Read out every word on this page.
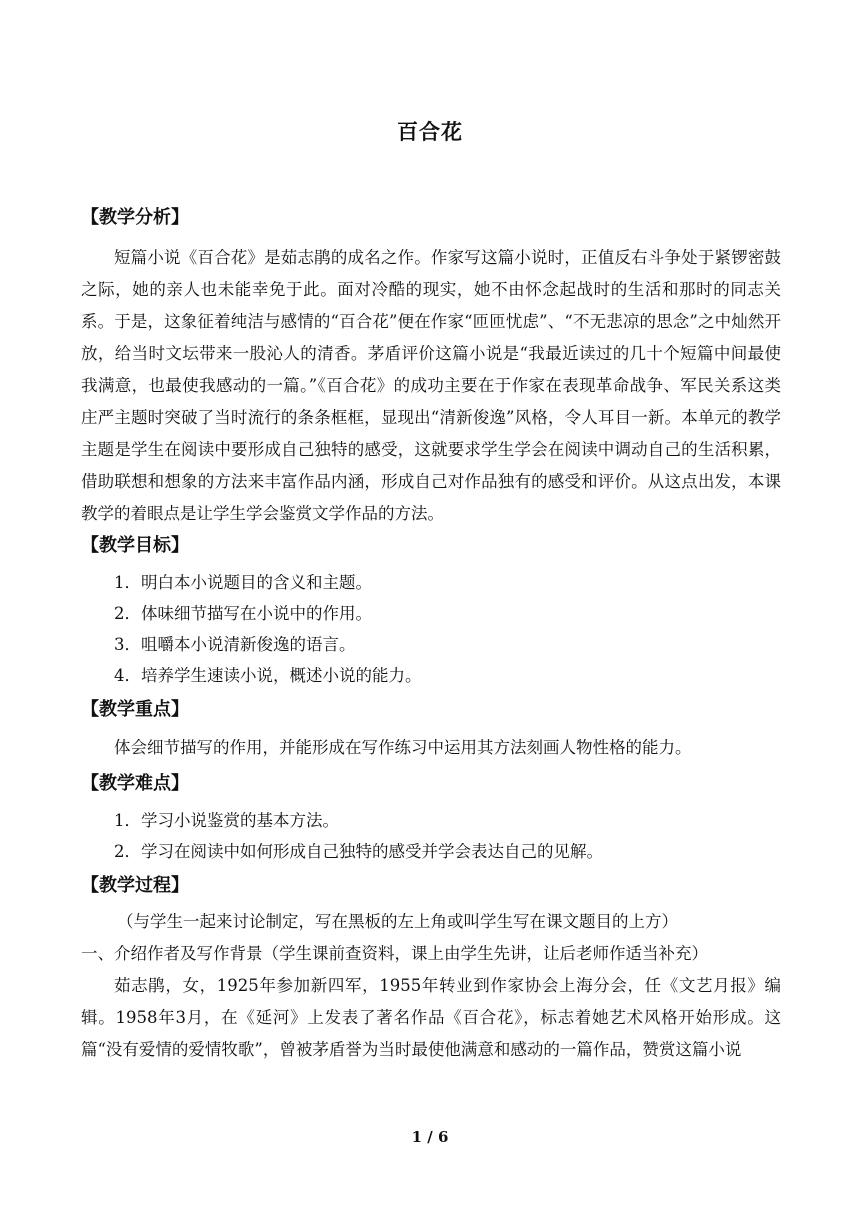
百合花
【教学分析】

短篇小说《百合花》是茹志鹃的成名之作。作家写这篇小说时，正值反右斗争处于紧锣密鼓之际，她的亲人也未能幸免于此。面对冷酷的现实，她不由怀念起战时的生活和那时的同志关系。于是，这象征着纯洁与感情的“百合花”便在作家“匝匝忧虑”、“不无悲凉的思念”之中灿然开放，给当时文坛带来一股沁人的清香。茅盾评价这篇小说是“我最近读过的几十个短篇中间最使我满意，也最使我感动的一篇。”《百合花》的成功主要在于作家在表现革命战争、军民关系这类庄严主题时突破了当时流行的条条框框，显现出“清新俊逸”风格，令人耳目一新。本单元的教学主题是学生在阅读中要形成自己独特的感受，这就要求学生学会在阅读中调动自己的生活积累，借助联想和想象的方法来丰富作品内涵，形成自己对作品独有的感受和评价。从这点出发，本课教学的着眼点是让学生学会鉴赏文学作品的方法。

【教学目标】

1．明白本小说题目的含义和主题。

2．体味细节描写在小说中的作用。

3．咀嚼本小说清新俊逸的语言。

4．培养学生速读小说，概述小说的能力。

【教学重点】

体会细节描写的作用，并能形成在写作练习中运用其方法刻画人物性格的能力。

【教学难点】

1．学习小说鉴赏的基本方法。

2．学习在阅读中如何形成自己独特的感受并学会表达自己的见解。

【教学过程】

（与学生一起来讨论制定，写在黑板的左上角或叫学生写在课文题目的上方）

一、介绍作者及写作背景（学生课前查资料，课上由学生先讲，让后老师作适当补充）

茹志鹃，女，1925年参加新四军，1955年转业到作家协会上海分会，任《文艺月报》编辑。1958年3月，在《延河》上发表了著名作品《百合花》，标志着她艺术风格开始形成。这篇“没有爱情的爱情牧歌”，曾被茅盾誉为当时最使他满意和感动的一篇作品，赞赏这篇小说

1 / 6
